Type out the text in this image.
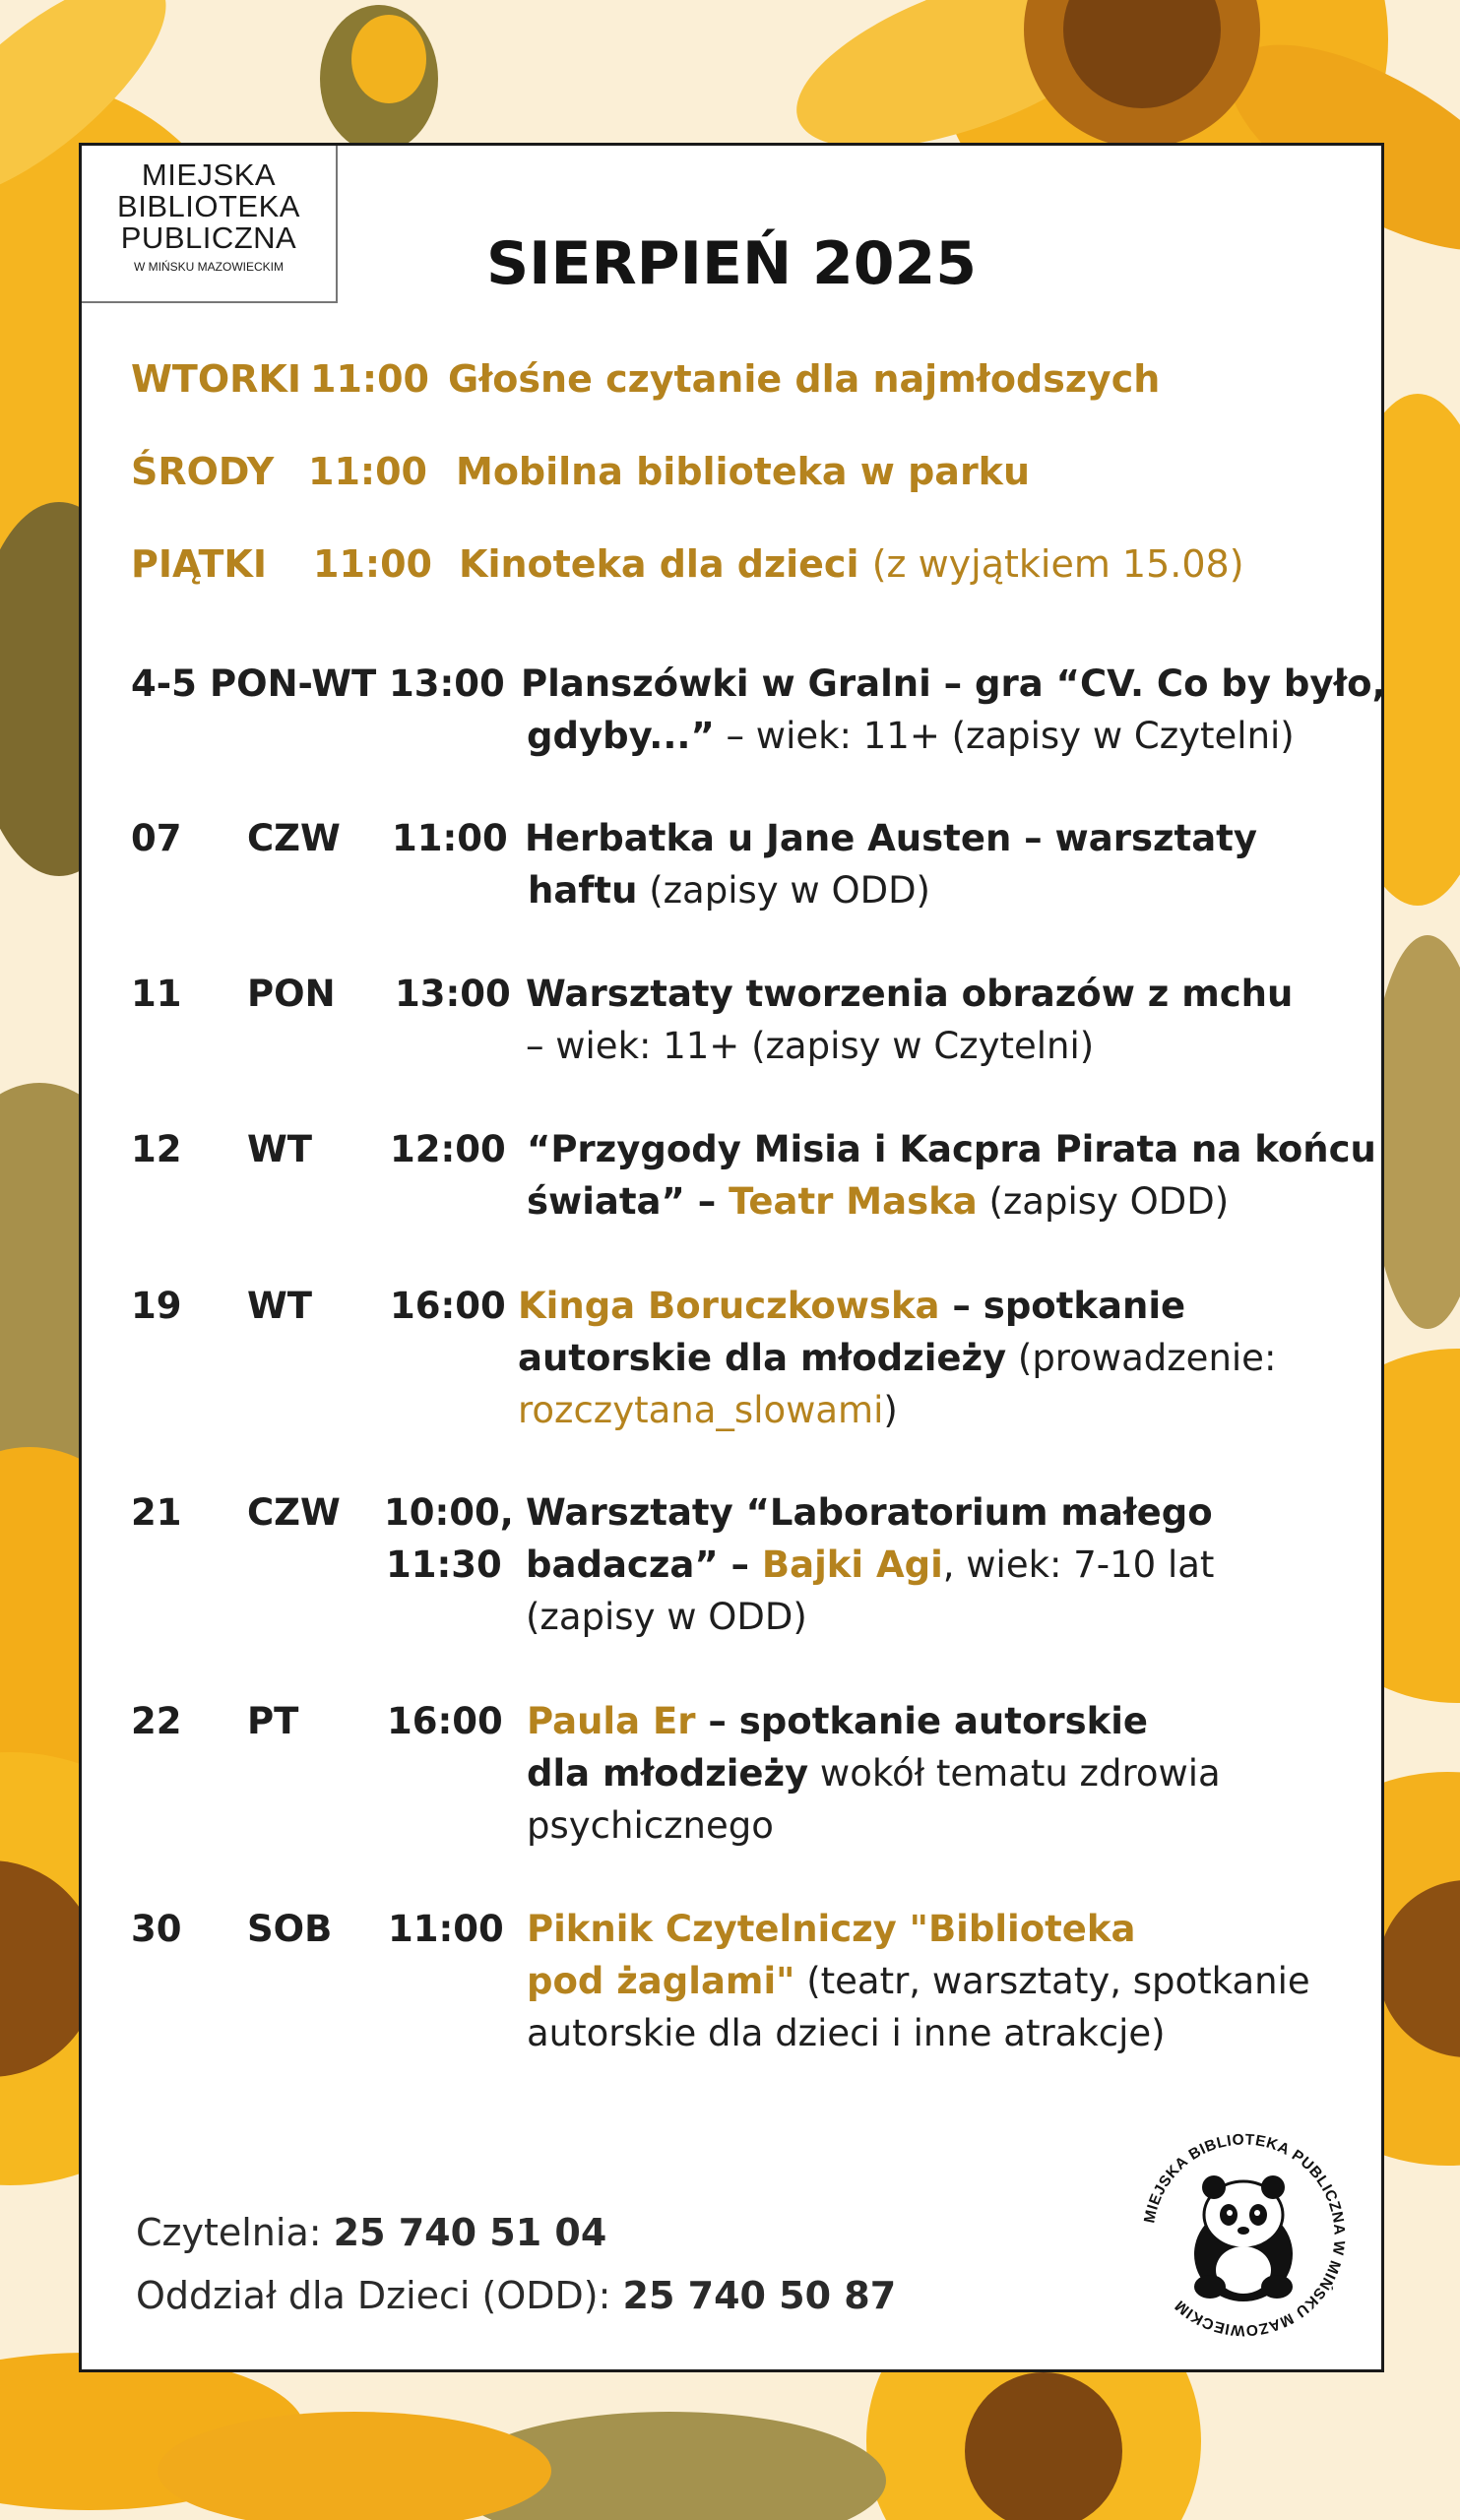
MIEJSKA
BIBLIOTEKA
PUBLICZNA
W MIŃSKU MAZOWIECKIM	SIERPIEŃ 2025
WTORKI 11:00 Głośne czytanie dla najmłodszych
ŚRODY 11:00 Mobilna biblioteka w parku
PIĄTKI 11:00 Kinoteka dla dzieci (z wyjątkiem 15.08)
4-5 PON-WT 13:00 Planszówki w Gralni – gra “CV. Co by było,
gdyby...” – wiek: 11+ (zapisy w Czytelni)
07 CZW 11:00 Herbatka u Jane Austen – warsztaty
haftu (zapisy w ODD)
11 PON 13:00 Warsztaty tworzenia obrazów z mchu
– wiek: 11+ (zapisy w Czytelni)
12 WT 12:00 “Przygody Misia i Kacpra Pirata na końcu
świata” – Teatr Maska (zapisy ODD)
19 WT 16:00 Kinga Boruczkowska – spotkanie
autorskie dla młodzieży (prowadzenie:
rozczytana_slowami)
21 CZW 10:00,
11:30
Warsztaty “Laboratorium małego
badacza” – Bajki Agi, wiek: 7-10 lat
(zapisy w ODD)
22 PT 16:00 Paula Er – spotkanie autorskie
dla młodzieży wokół tematu zdrowia
psychicznego
30 SOB 11:00 Piknik Czytelniczy "Biblioteka
pod żaglami" (teatr, warsztaty, spotkanie
autorskie dla dzieci i inne atrakcje)
Czytelnia: 25 740 51 04
Oddział dla Dzieci (ODD): 25 740 50 87
MIEJSKA BIBLIOTEKA PUBLICZNA W MIŃSKU MAZOWIECKIM
